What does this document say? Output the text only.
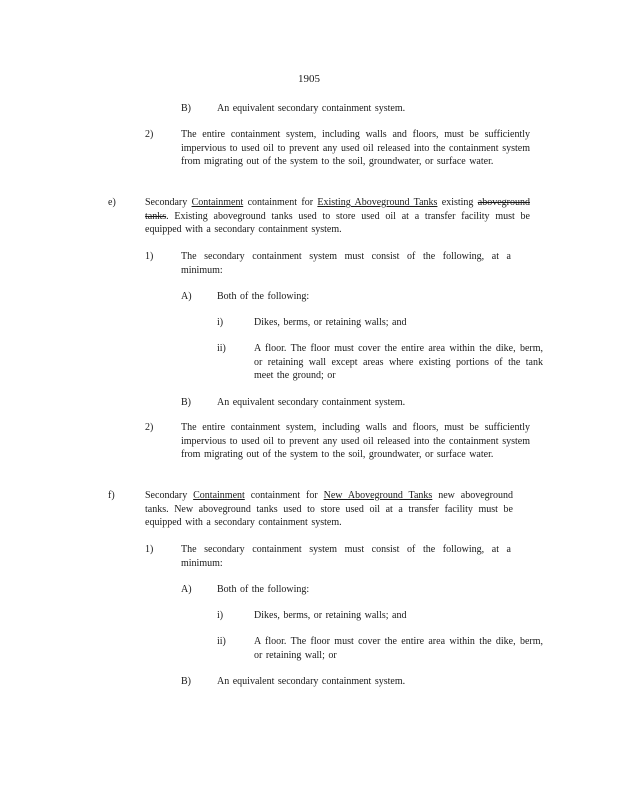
1905
B)	An equivalent secondary containment system.
2)	The entire containment system, including walls and floors, must be sufficiently impervious to used oil to prevent any used oil released into the containment system from migrating out of the system to the soil, groundwater, or surface water.
e)	Secondary Containment containment for Existing Aboveground Tanks existing aboveground tanks. Existing aboveground tanks used to store used oil at a transfer facility must be equipped with a secondary containment system.
1)	The secondary containment system must consist of the following, at a minimum:
A)	Both of the following:
i)	Dikes, berms, or retaining walls; and
ii)	A floor. The floor must cover the entire area within the dike, berm, or retaining wall except areas where existing portions of the tank meet the ground; or
B)	An equivalent secondary containment system.
2)	The entire containment system, including walls and floors, must be sufficiently impervious to used oil to prevent any used oil released into the containment system from migrating out of the system to the soil, groundwater, or surface water.
f)	Secondary Containment containment for New Aboveground Tanks new aboveground tanks. New aboveground tanks used to store used oil at a transfer facility must be equipped with a secondary containment system.
1)	The secondary containment system must consist of the following, at a minimum:
A)	Both of the following:
i)	Dikes, berms, or retaining walls; and
ii)	A floor. The floor must cover the entire area within the dike, berm, or retaining wall; or
B)	An equivalent secondary containment system.
